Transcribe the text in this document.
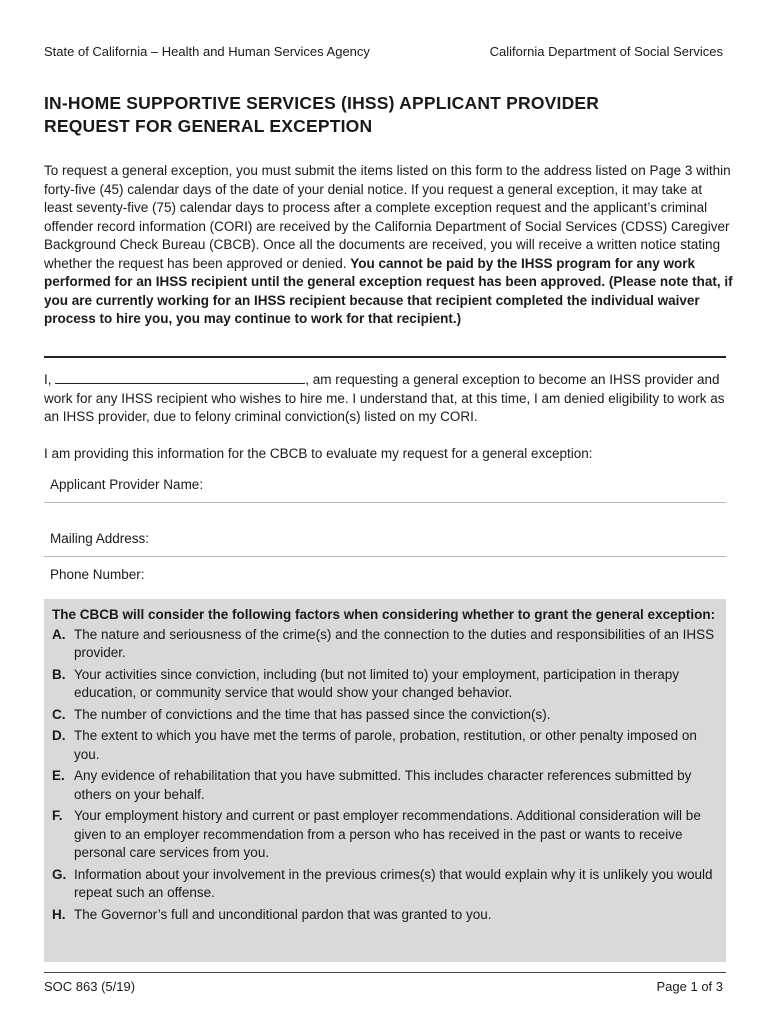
State of California – Health and Human Services Agency	California Department of Social Services
IN-HOME SUPPORTIVE SERVICES (IHSS) APPLICANT PROVIDER
REQUEST FOR GENERAL EXCEPTION

To request a general exception, you must submit the items listed on this form to the address listed on Page 3 within forty-five (45) calendar days of the date of your denial notice. If you request a general exception, it may take at least seventy-five (75) calendar days to process after a complete exception request and the applicant’s criminal offender record information (CORI) are received by the California Department of Social Services (CDSS) Caregiver Background Check Bureau (CBCB). Once all the documents are received, you will receive a written notice stating whether the request has been approved or denied. You cannot be paid by the IHSS program for any work performed for an IHSS recipient until the general exception request has been approved. (Please note that, if you are currently working for an IHSS recipient because that recipient completed the individual waiver process to hire you, you may continue to work for that recipient.)

I,	, am requesting a general exception to become an IHSS provider and work for any IHSS recipient who wishes to hire me. I understand that, at this time, I am denied eligibility to work as an IHSS provider, due to felony criminal conviction(s) listed on my CORI.

I am providing this information for the CBCB to evaluate my request for a general exception:

Applicant Provider Name:
Mailing Address:
Phone Number:
The CBCB will consider the following factors when considering whether to grant the general exception:
A. The nature and seriousness of the crime(s) and the connection to the duties and responsibilities of an IHSS provider.
B. Your activities since conviction, including (but not limited to) your employment, participation in therapy education, or community service that would show your changed behavior.
C. The number of convictions and the time that has passed since the conviction(s).
D. The extent to which you have met the terms of parole, probation, restitution, or other penalty imposed on you.
E. Any evidence of rehabilitation that you have submitted. This includes character references submitted by others on your behalf.
F. Your employment history and current or past employer recommendations. Additional consideration will be given to an employer recommendation from a person who has received in the past or wants to receive personal care services from you.
G. Information about your involvement in the previous crimes(s) that would explain why it is unlikely you would repeat such an offense.
H. The Governor’s full and unconditional pardon that was granted to you.
SOC 863 (5/19)	Page 1 of 3
